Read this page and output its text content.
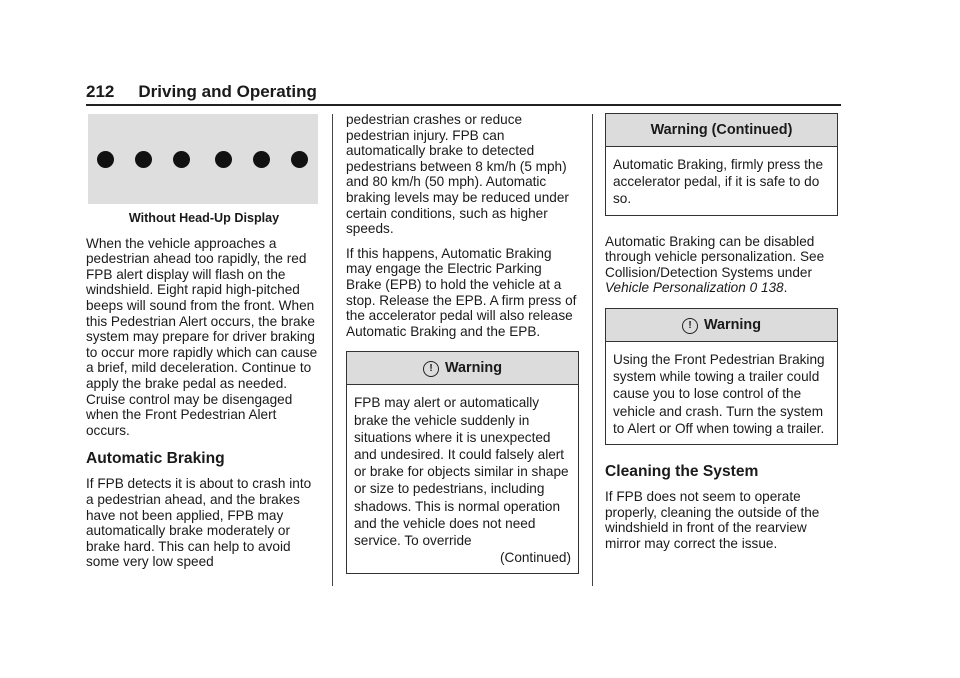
212 Driving and Operating

Without Head-Up Display

When the vehicle approaches a pedestrian ahead too rapidly, the red FPB alert display will flash on the windshield. Eight rapid high-pitched beeps will sound from the front. When this Pedestrian Alert occurs, the brake system may prepare for driver braking to occur more rapidly which can cause a brief, mild deceleration. Continue to apply the brake pedal as needed. Cruise control may be disengaged when the Front Pedestrian Alert occurs.

Automatic Braking

If FPB detects it is about to crash into a pedestrian ahead, and the brakes have not been applied, FPB may automatically brake moderately or brake hard. This can help to avoid some very low speed

pedestrian crashes or reduce pedestrian injury. FPB can automatically brake to detected pedestrians between 8 km/h (5 mph) and 80 km/h (50 mph). Automatic braking levels may be reduced under certain conditions, such as higher speeds.

If this happens, Automatic Braking may engage the Electric Parking Brake (EPB) to hold the vehicle at a stop. Release the EPB. A firm press of the accelerator pedal will also release Automatic Braking and the EPB.

! Warning
FPB may alert or automatically brake the vehicle suddenly in situations where it is unexpected and undesired. It could falsely alert or brake for objects similar in shape or size to pedestrians, including shadows. This is normal operation and the vehicle does not need service. To override
(Continued)
Warning (Continued)
Automatic Braking, firmly press the accelerator pedal, if it is safe to do so.

Automatic Braking can be disabled through vehicle personalization. See Collision/Detection Systems under
Vehicle Personalization 0 138.

! Warning
Using the Front Pedestrian Braking system while towing a trailer could cause you to lose control of the vehicle and crash. Turn the system to Alert or Off when towing a trailer.
Cleaning the System

If FPB does not seem to operate properly, cleaning the outside of the windshield in front of the rearview mirror may correct the issue.
